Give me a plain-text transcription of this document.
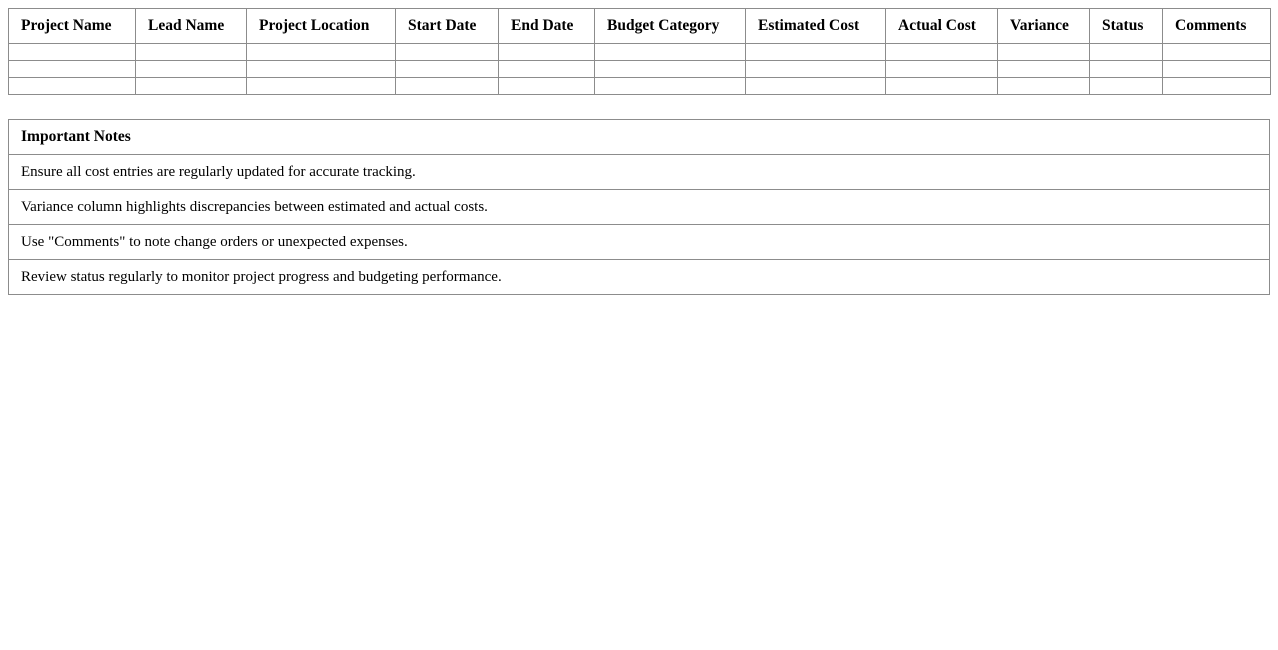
Project Name	Lead Name	Project Location	Start Date	End Date	Budget Category	Estimated Cost	Actual Cost	Variance	Status	Comments

Important Notes
Ensure all cost entries are regularly updated for accurate tracking.
Variance column highlights discrepancies between estimated and actual costs.
Use "Comments" to note change orders or unexpected expenses.
Review status regularly to monitor project progress and budgeting performance.
